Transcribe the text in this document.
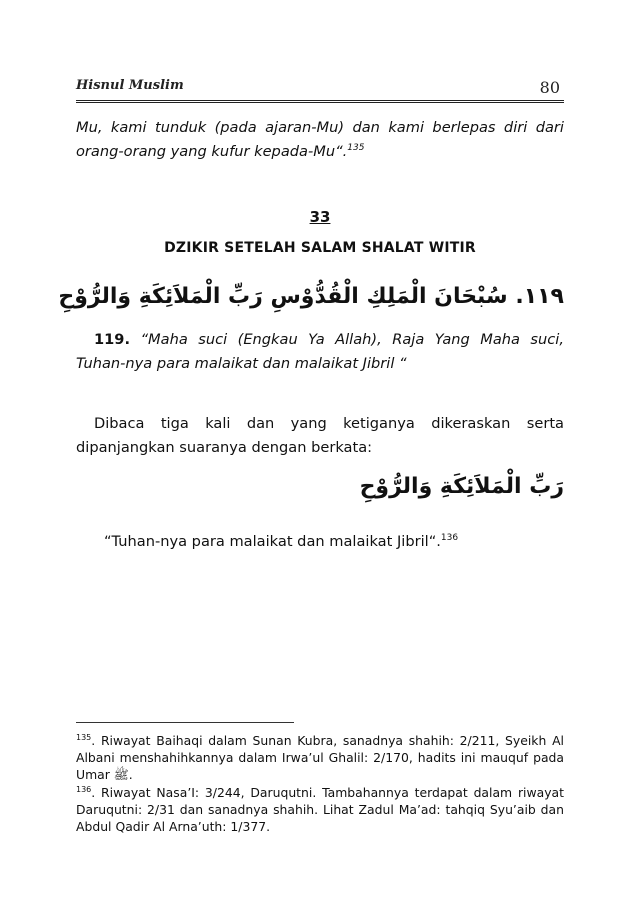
Hisnul Muslim	80
Mu, kami tunduk (pada ajaran-Mu) dan kami berlepas diri dari orang-orang yang kufur kepada-Mu“.$^{135}$
33
DZIKIR SETELAH SALAM SHALAT WITIR
١١٩. سُبْحَانَ الْمَلِكِ الْقُدُّوْسِ رَبِّ الْمَلاَئِكَةِ وَالرُّوْحِ
119. “Maha suci (Engkau Ya Allah), Raja Yang Maha suci, Tuhan-nya para malaikat dan malaikat Jibril “
Dibaca tiga kali dan yang ketiganya dikeraskan serta dipanjangkan suaranya dengan berkata:
رَبِّ الْمَلاَئِكَةِ وَالرُّوْحِ
“Tuhan-nya para malaikat dan malaikat Jibril“.$^{136}$
$^{135}$. Riwayat Baihaqi dalam Sunan Kubra, sanadnya shahih: 2/211, Syeikh Al Albani menshahihkannya dalam Irwa’ul Ghalil: 2/170, hadits ini mauquf pada Umar ﷺ.
$^{136}$. Riwayat Nasa’I: 3/244, Daruqutni. Tambahannya terdapat dalam riwayat Daruqutni: 2/31 dan sanadnya shahih. Lihat Zadul Ma’ad: tahqiq Syu’aib dan Abdul Qadir Al Arna’uth: 1/377.
